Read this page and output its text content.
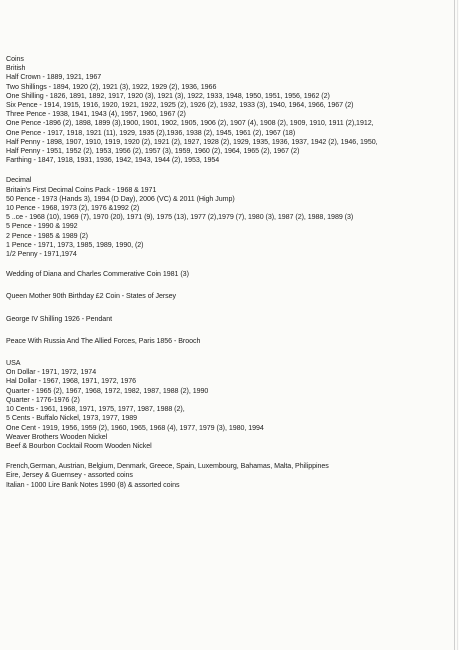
Coins
British
Half Crown - 1889, 1921, 1967
Two Shillings - 1894, 1920 (2), 1921 (3), 1922, 1929 (2), 1936, 1966
One Shilling - 1826, 1891, 1892, 1917, 1920 (3), 1921 (3), 1922, 1933, 1948, 1950, 1951, 1956, 1962 (2)
Six Pence - 1914, 1915, 1916, 1920, 1921, 1922, 1925 (2), 1926 (2), 1932, 1933 (3), 1940, 1964, 1966, 1967 (2)
Three Pence - 1938, 1941, 1943 (4), 1957, 1960, 1967 (2)
One Pence -1896 (2), 1898, 1899 (3),1900, 1901, 1902, 1905, 1906 (2), 1907 (4), 1908 (2), 1909, 1910, 1911 (2),1912,
One Pence - 1917, 1918, 1921 (11), 1929, 1935 (2),1936, 1938 (2), 1945, 1961 (2), 1967 (18)
Half Penny - 1898, 1907, 1910, 1919, 1920 (2), 1921 (2), 1927, 1928 (2), 1929, 1935, 1936, 1937, 1942 (2), 1946, 1950,
Half Penny - 1951, 1952 (2), 1953, 1956 (2), 1957 (3), 1959, 1960 (2), 1964, 1965 (2), 1967 (2)
Farthing - 1847, 1918, 1931, 1936, 1942, 1943, 1944 (2), 1953, 1954
Decimal
Britain's First Decimal Coins Pack - 1968 & 1971
50 Pence - 1973 (Hands 3), 1994 (D Day), 2006 (VC) & 2011 (High Jump)
10 Pence - 1968, 1973 (2), 1976 &1992 (2)
5 ..ce - 1968 (10), 1969 (7), 1970 (20), 1971 (9), 1975 (13), 1977 (2),1979 (7), 1980 (3), 1987 (2), 1988, 1989 (3)
5 Pence - 1990 & 1992
2 Pence - 1985 & 1989 (2)
1 Pence - 1971, 1973, 1985, 1989, 1990, (2)
1/2 Penny - 1971,1974
Wedding of Diana and Charles Commerative Coin 1981 (3)
Queen Mother 90th Birthday £2 Coin - States of Jersey
George IV Shilling 1926 - Pendant
Peace With Russia And The Allied Forces, Paris 1856 - Brooch
USA
On Dollar - 1971, 1972, 1974
Hal Dollar - 1967, 1968, 1971, 1972, 1976
Quarter - 1965 (2), 1967, 1968, 1972, 1982, 1987, 1988 (2), 1990
Quarter - 1776-1976 (2)
10 Cents - 1961, 1968, 1971, 1975, 1977, 1987, 1988 (2),
5 Cents - Buffalo Nickel, 1973, 1977, 1989
One Cent - 1919, 1956, 1959 (2), 1960, 1965, 1968 (4), 1977, 1979 (3), 1980, 1994
Weaver Brothers Wooden Nickel
Beef & Bourbon Cocktail Room Wooden Nickel
French,German, Austrian, Belgium, Denmark, Greece, Spain, Luxembourg, Bahamas, Malta, Philippines
Eire, Jersey & Guernsey - assorted coins
Italian - 1000 Lire Bank Notes 1990 (8) & assorted coins
